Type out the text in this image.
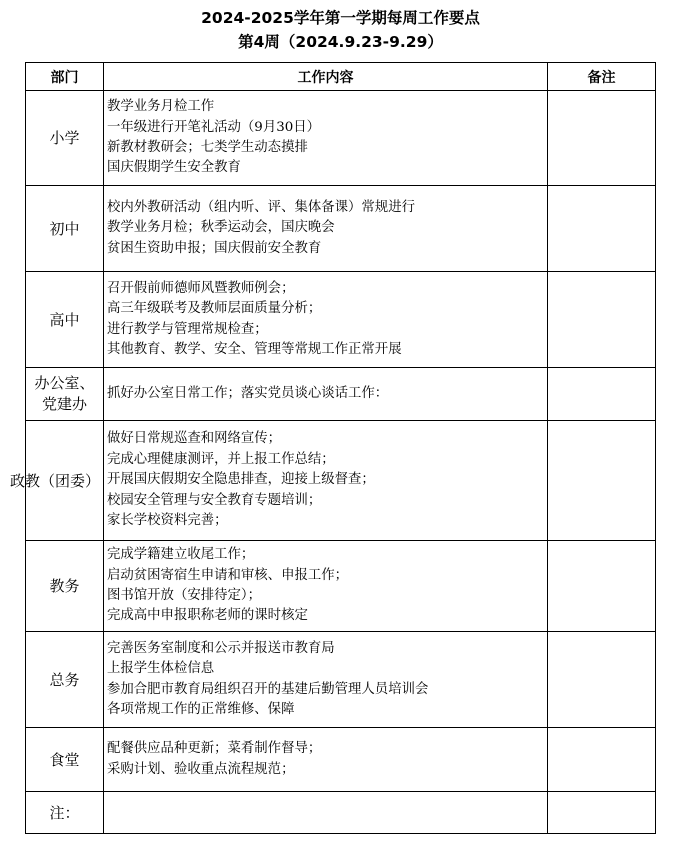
2024-2025学年第一学期每周工作要点
第4周（2024.9.23-9.29）
部门	工作内容	备注
小学	教学业务月检工作
一年级进行开笔礼活动（9月30日）
新教材教研会；七类学生动态摸排
国庆假期学生安全教育	

初中	校内外教研活动（组内听、评、集体备课）常规进行
教学业务月检；秋季运动会，国庆晚会
贫困生资助申报；国庆假前安全教育	

高中	召开假前师德师风暨教师例会；
高三年级联考及教师层面质量分析；
进行教学与管理常规检查；
其他教育、教学、安全、管理等常规工作正常开展	

办公室、党建办	抓好办公室日常工作；落实党员谈心谈话工作：	

政教（团委）	做好日常规巡查和网络宣传；
完成心理健康测评，并上报工作总结；
开展国庆假期安全隐患排查，迎接上级督查；
校园安全管理与安全教育专题培训；
家长学校资料完善；	

教务	完成学籍建立收尾工作；
启动贫困寄宿生申请和审核、申报工作；
图书馆开放（安排待定）；
完成高中申报职称老师的课时核定	

总务	完善医务室制度和公示并报送市教育局
上报学生体检信息
参加合肥市教育局组织召开的基建后勤管理人员培训会
各项常规工作的正常维修、保障	

食堂	配餐供应品种更新；菜肴制作督导；
采购计划、验收重点流程规范；	

注：		
